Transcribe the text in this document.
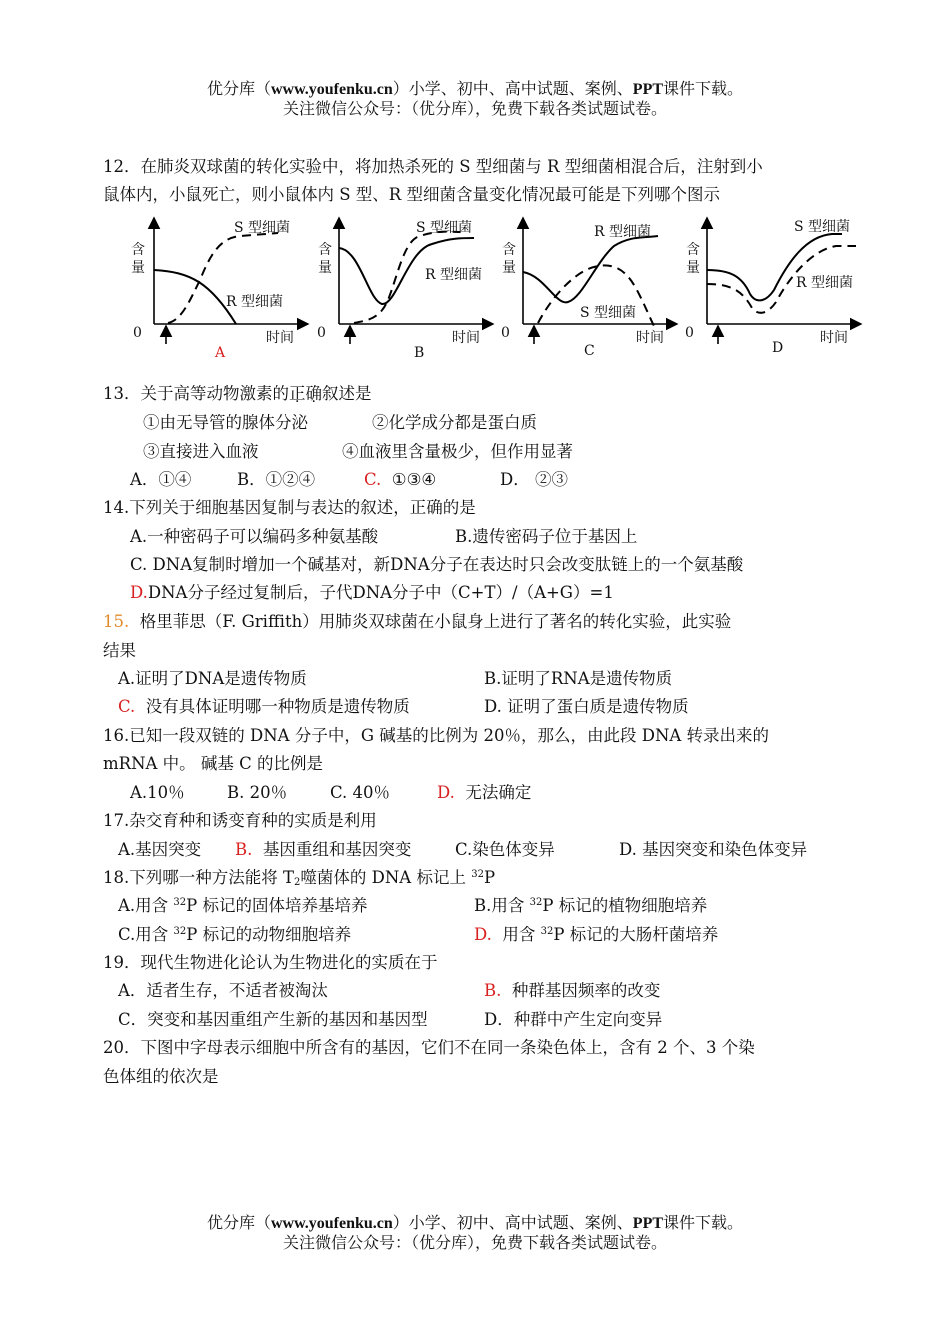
优分库（www.youfenku.cn）小学、初中、高中试题、案例、PPT课件下载。
关注微信公众号：（优分库），免费下载各类试题试卷。
12．在肺炎双球菌的转化实验中，将加热杀死的 S 型细菌与 R 型细菌相混合后，注射到小
鼠体内，小鼠死亡，则小鼠体内 S 型、R 型细菌含量变化情况最可能是下列哪个图示
含
量
0	时间
S 型细菌
R 型细菌
A
含
量
0	时间
S 型细菌
R 型细菌
B
含
量
0	时间
R 型细菌
S 型细菌
C
含
量
0	时间
S 型细菌
R 型细菌
D
13．关于高等动物激素的正确叙述是
①由无导管的腺体分泌	②化学成分都是蛋白质
③直接进入血液	④血液里含量极少，但作用显著
A．①④	B．①②④	C. ①③④	D． ②③
14.下列关于细胞基因复制与表达的叙述，正确的是
A.一种密码子可以编码多种氨基酸	B.遗传密码子位于基因上
C. DNA复制时增加一个碱基对，新DNA分子在表达时只会改变肽链上的一个氨基酸
D.DNA分子经过复制后，子代DNA分子中（C+T）/（A+G）=1
15. 格里菲思（F. Griffith）用肺炎双球菌在小鼠身上进行了著名的转化实验，此实验
结果
A.证明了DNA是遗传物质	B.证明了RNA是遗传物质
C. 没有具体证明哪一种物质是遗传物质	D. 证明了蛋白质是遗传物质
16.已知一段双链的 DNA 分子中，G 碱基的比例为 20％，那么，由此段 DNA 转录出来的
mRNA 中。 碱基 C 的比例是
A.10％	B. 20％	C. 40％	D. 无法确定
17.杂交育种和诱变育种的实质是利用
A.基因突变 B. 基因重组和基因突变	C.染色体变异	D. 基因突变和染色体变异
18.下列哪一种方法能将 $T_2$噬菌体的 DNA 标记上 $^{32}$P
A.用含 $^{32}$P 标记的固体培养基培养	B.用含 $^{32}$P 标记的植物细胞培养
C.用含 $^{32}$P 标记的动物细胞培养	D. 用含 $^{32}$P 标记的大肠杆菌培养
19．现代生物进化论认为生物进化的实质在于
A．适者生存，不适者被淘汰	B. 种群基因频率的改变
C．突变和基因重组产生新的基因和基因型	D．种群中产生定向变异
20．下图中字母表示细胞中所含有的基因，它们不在同一条染色体上，含有 2 个、3 个染
色体组的依次是
优分库（www.youfenku.cn）小学、初中、高中试题、案例、PPT课件下载。
关注微信公众号：（优分库），免费下载各类试题试卷。
